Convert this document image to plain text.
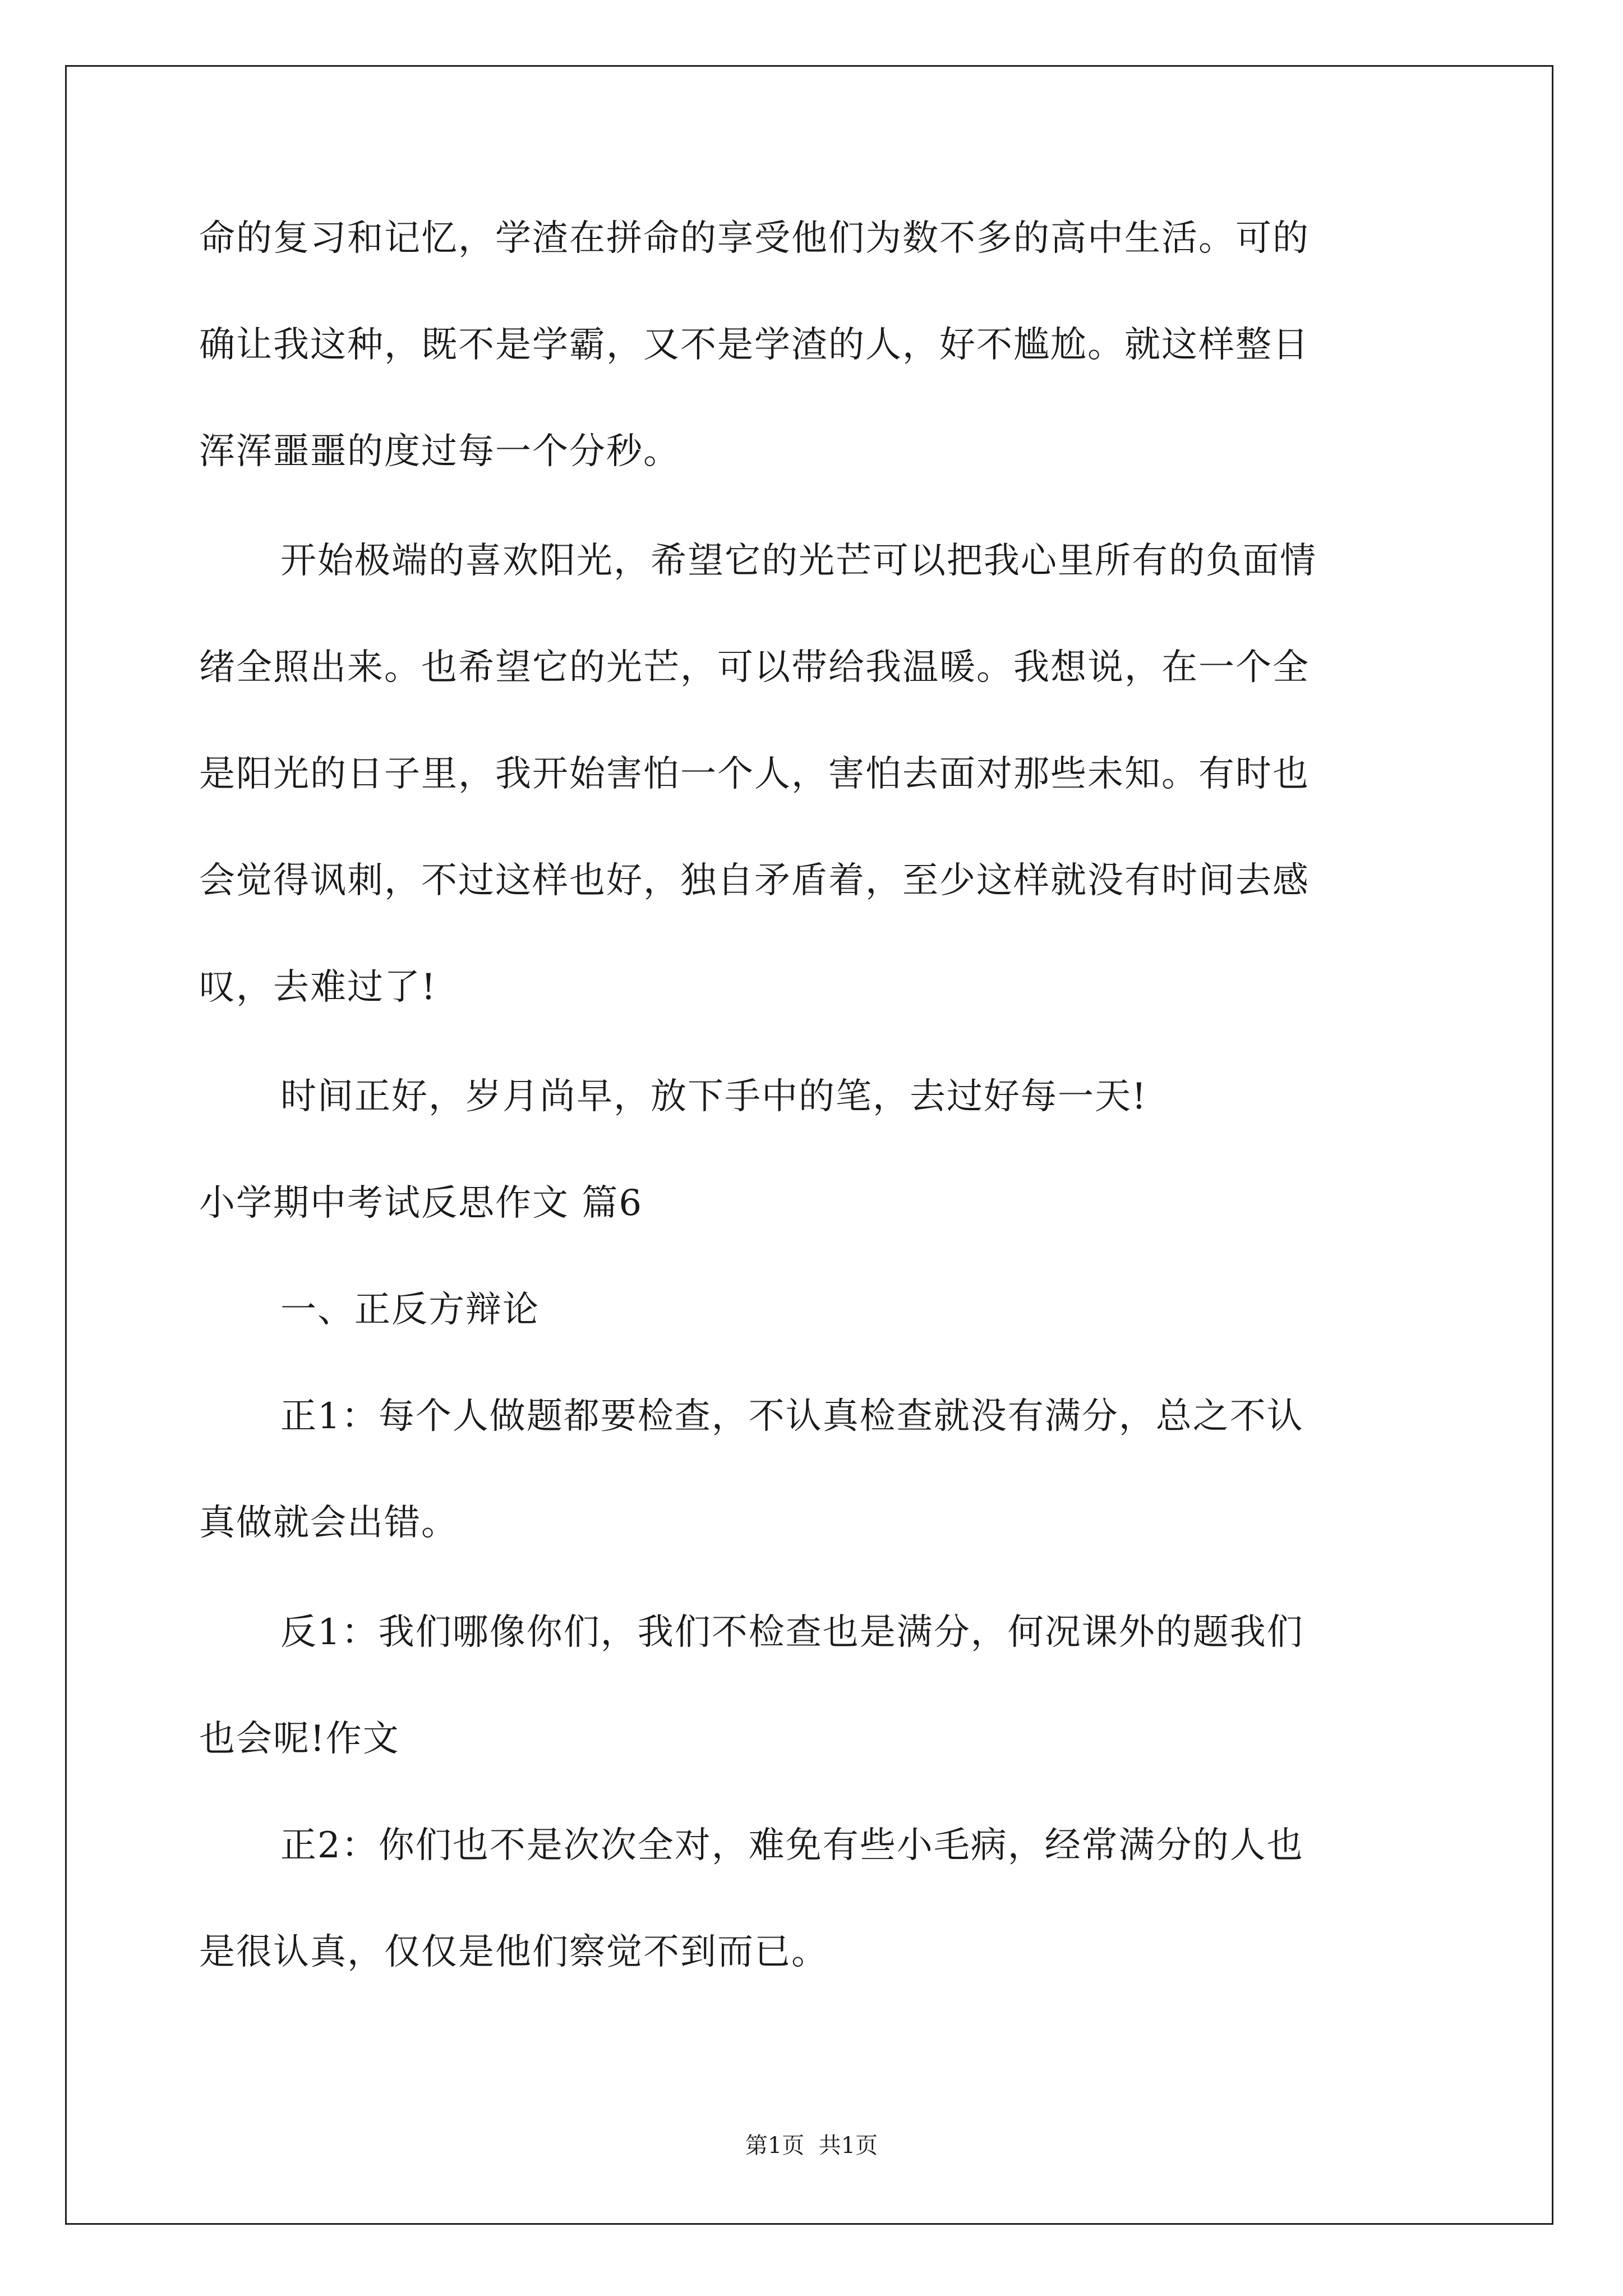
命的复习和记忆，学渣在拼命的享受他们为数不多的高中生活。可的
确让我这种，既不是学霸，又不是学渣的人，好不尴尬。就这样整日
浑浑噩噩的度过每一个分秒。
开始极端的喜欢阳光，希望它的光芒可以把我心里所有的负面情
绪全照出来。也希望它的光芒，可以带给我温暖。我想说，在一个全
是阳光的日子里，我开始害怕一个人，害怕去面对那些未知。有时也
会觉得讽刺，不过这样也好，独自矛盾着，至少这样就没有时间去感
叹，去难过了!
时间正好，岁月尚早，放下手中的笔，去过好每一天!
小学期中考试反思作文 篇6
一、正反方辩论
正1：每个人做题都要检查，不认真检查就没有满分，总之不认
真做就会出错。
反1：我们哪像你们，我们不检查也是满分，何况课外的题我们
也会呢!作文
正2：你们也不是次次全对，难免有些小毛病，经常满分的人也
是很认真，仅仅是他们察觉不到而已。
第1页  共1页
